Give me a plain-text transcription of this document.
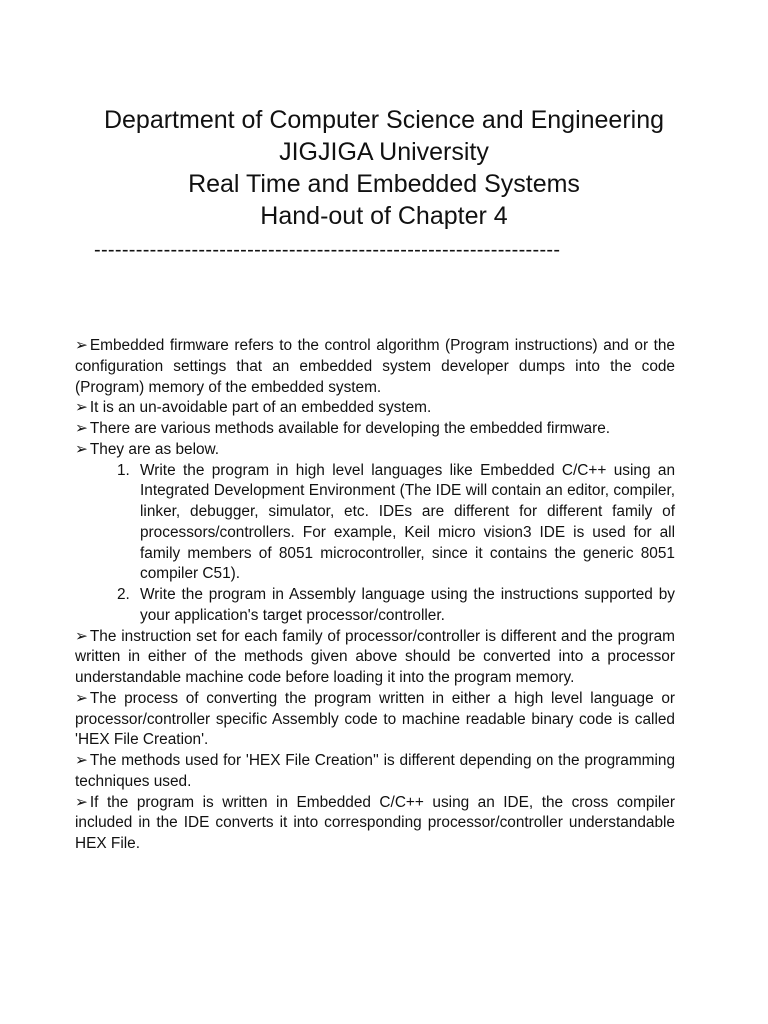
Department of Computer Science and Engineering
JIGJIGA University
Real Time and Embedded Systems
Hand-out of Chapter 4
-------------------------------------------------------------------

➢ Embedded firmware refers to the control algorithm (Program instructions) and or the configuration settings that an embedded system developer dumps into the code (Program) memory of the embedded system.

➢ It is an un-avoidable part of an embedded system.

➢ There are various methods available for developing the embedded firmware.

➢ They are as below.

1. Write the program in high level languages like Embedded C/C++ using an Integrated Development Environment (The IDE will contain an editor, compiler, linker, debugger, simulator, etc. IDEs are different for different family of processors/controllers. For example, Keil micro vision3 IDE is used for all family members of 8051 microcontroller, since it contains the generic 8051 compiler C51).
2. Write the program in Assembly language using the instructions supported by your application's target processor/controller.

➢ The instruction set for each family of processor/controller is different and the program written in either of the methods given above should be converted into a processor understandable machine code before loading it into the program memory.

➢ The process of converting the program written in either a high level language or processor/controller specific Assembly code to machine readable binary code is called 'HEX File Creation'.

➢ The methods used for 'HEX File Creation'' is different depending on the programming techniques used.

➢ If the program is written in Embedded C/C++ using an IDE, the cross compiler included in the IDE converts it into corresponding processor/controller understandable HEX File.
